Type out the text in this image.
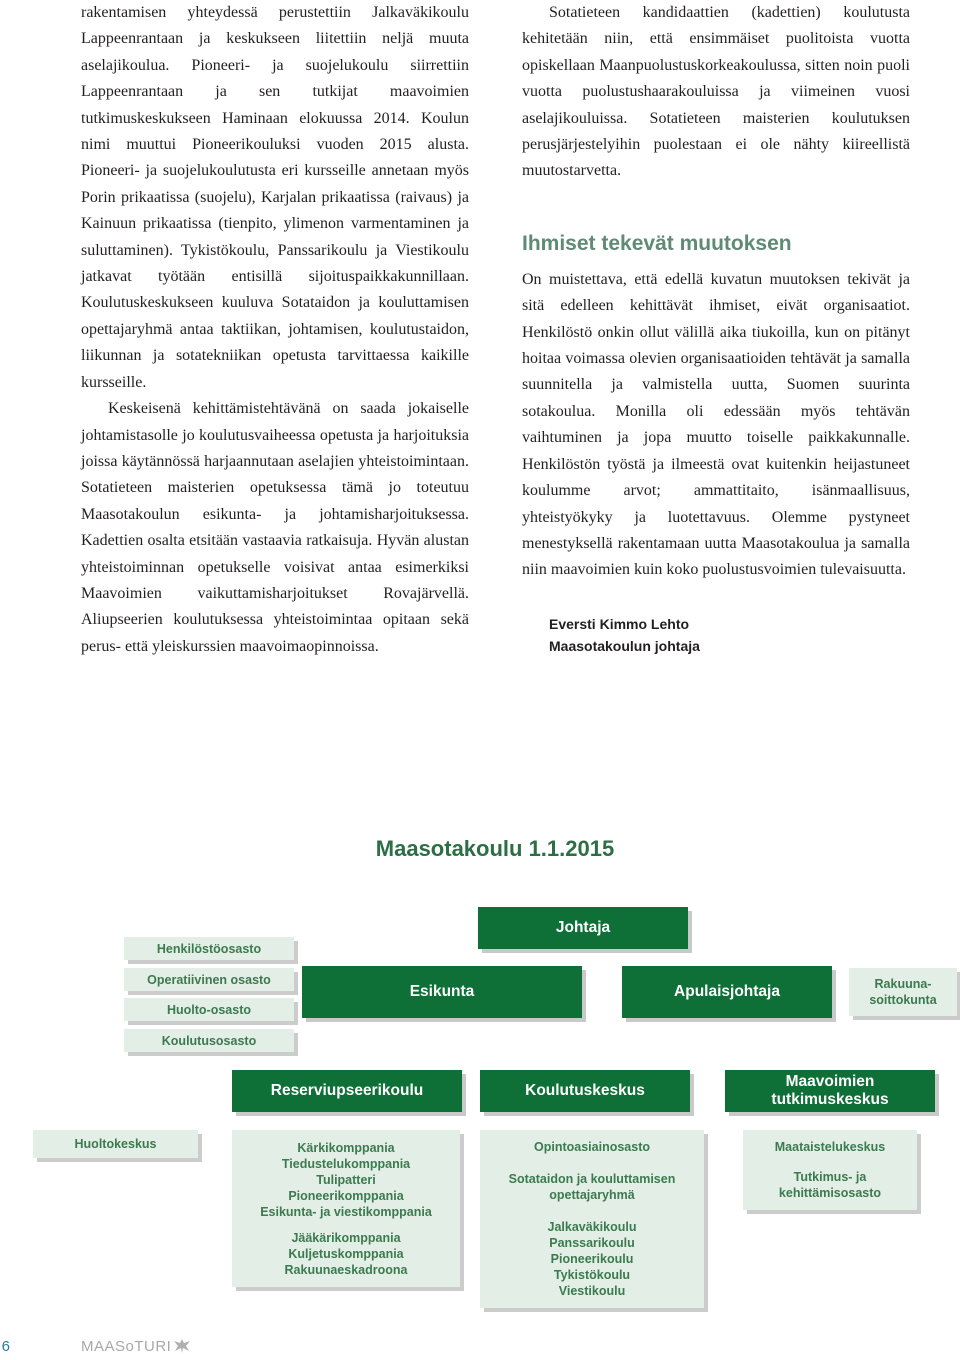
rakentamisen yhteydessä perustettiin Jalkaväkikoulu Lappeenrantaan ja keskukseen liitettiin neljä muuta aselajikoulua. Pioneeri- ja suojelukoulu siirrettiin Lappeenrantaan ja sen tutkijat maavoimien tutkimuskeskukseen Haminaan elokuussa 2014. Koulun nimi muuttui Pioneerikouluksi vuoden 2015 alusta. Pioneeri- ja suojelukoulutusta eri kursseille annetaan myös Porin prikaatissa (suojelu), Karjalan prikaatissa (raivaus) ja Kainuun prikaatissa (tienpito, ylimenon varmentaminen ja suluttaminen). Tykistökoulu, Panssarikoulu ja Viestikoulu jatkavat työtään entisillä sijoituspaikkakunnillaan. Koulutuskeskukseen kuuluva Sotataidon ja kouluttamisen opettajaryhmä antaa taktiikan, johtamisen, koulutustaidon, liikunnan ja sotatekniikan opetusta tarvittaessa kaikille kursseille.

Keskeisenä kehittämistehtävänä on saada jokaiselle johtamistasolle jo koulutusvaiheessa opetusta ja harjoituksia joissa käytännössä harjaannutaan aselajien yhteistoimintaan. Sotatieteen maisterien opetuksessa tämä jo toteutuu Maasotakoulun esikunta- ja johtamisharjoituksessa. Kadettien osalta etsitään vastaavia ratkaisuja. Hyvän alustan yhteistoiminnan opetukselle voisivat antaa esimerkiksi Maavoimien vaikuttamisharjoitukset Rovajärvellä. Aliupseerien koulutuksessa yhteistoimintaa opitaan sekä perus- että yleiskurssien maavoimaopinnoissa.

Sotatieteen kandidaattien (kadettien) koulutusta kehitetään niin, että ensimmäiset puolitoista vuotta opiskellaan Maanpuolustuskorkeakoulussa, sitten noin puoli vuotta puolustushaarakouluissa ja viimeinen vuosi aselajikouluissa. Sotatieteen maisterien koulutuksen perusjärjestelyihin puolestaan ei ole nähty kiireellistä muutostarvetta.

Ihmiset tekevät muutoksen

On muistettava, että edellä kuvatun muutoksen tekivät ja sitä edelleen kehittävät ihmiset, eivät organisaatiot. Henkilöstö onkin ollut välillä aika tiukoilla, kun on pitänyt hoitaa voimassa olevien organisaatioiden tehtävät ja samalla suunnitella ja valmistella uutta, Suomen suurinta sotakoulua. Monilla oli edessään myös tehtävän vaihtuminen ja jopa muutto toiselle paikkakunnalle. Henkilöstön työstä ja ilmeestä ovat kuitenkin heijastuneet koulumme arvot; ammattitaito, isänmaallisuus, yhteistyökyky ja luotettavuus. Olemme pystyneet menestyksellä rakentamaan uutta Maasotakoulua ja samalla niin maavoimien kuin koko puolustusvoimien tulevaisuutta.

Eversti Kimmo Lehto
Maasotakoulun johtaja
Maasotakoulu 1.1.2015
Johtaja
Henkilöstöosasto
Operatiivinen osasto
Huolto-osasto
Koulutusosasto
Esikunta	Apulaisjohtaja	Rakuuna-
soittokunta
Reserviupseerikoulu	Koulutuskeskus
Maavoimien
tutkimuskeskus
Huoltokeskus	Kärkikomppania
Tiedustelukomppania
Tulipatteri
Pioneerikomppania
Esikunta- ja viestikomppania
Jääkärikomppania
Kuljetuskomppania
Rakuunaeskadroona
Opintoasiainosasto
Sotataidon ja kouluttamisen
opettajaryhmä
Jalkaväkikoulu
Panssarikoulu
Pioneerikoulu
Tykistökoulu
Viestikoulu
Maataistelukeskus
Tutkimus- ja
kehittämisosasto
6	MAASoTURI
